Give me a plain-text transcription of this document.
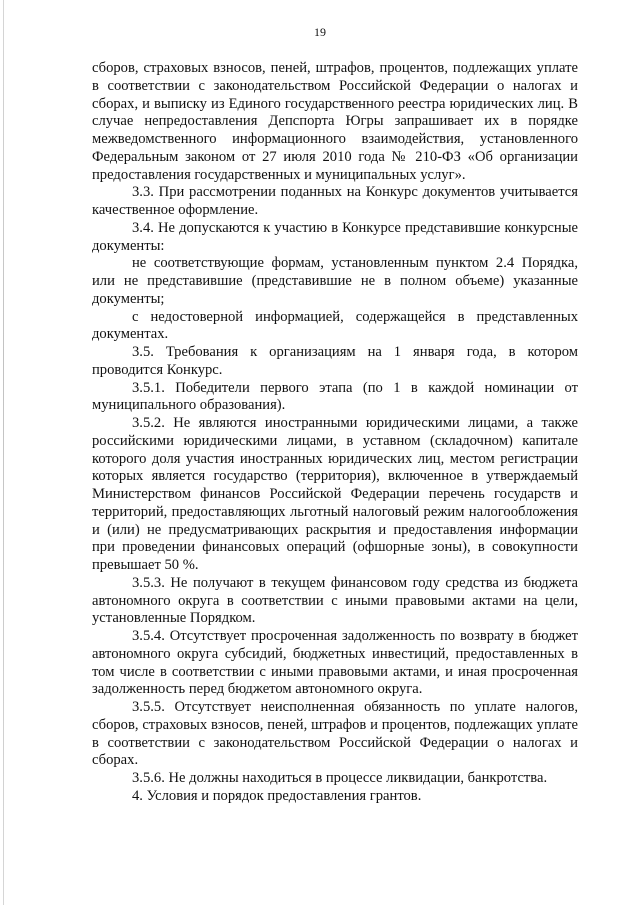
19

сборов, страховых взносов, пеней, штрафов, процентов, подлежащих уплате в соответствии с законодательством Российской Федерации о налогах и сборах, и выписку из Единого государственного реестра юридических лиц. В случае непредоставления Депспорта Югры запрашивает их в порядке межведомственного информационного взаимодействия, установленного Федеральным законом от 27 июля 2010 года № 210-ФЗ «Об организации предоставления государственных и муниципальных услуг».

3.3. При рассмотрении поданных на Конкурс документов учитывается качественное оформление.

3.4. Не допускаются к участию в Конкурсе представившие конкурсные документы:

не соответствующие формам, установленным пунктом 2.4 Порядка, или не представившие (представившие не в полном объеме) указанные документы;

с недостоверной информацией, содержащейся в представленных документах.

3.5. Требования к организациям на 1 января года, в котором проводится Конкурс.

3.5.1. Победители первого этапа (по 1 в каждой номинации от муниципального образования).

3.5.2. Не являются иностранными юридическими лицами, а также российскими юридическими лицами, в уставном (складочном) капитале которого доля участия иностранных юридических лиц, местом регистрации которых является государство (территория), включенное в утверждаемый Министерством финансов Российской Федерации перечень государств и территорий, предоставляющих льготный налоговый режим налогообложения и (или) не предусматривающих раскрытия и предоставления информации при проведении финансовых операций (офшорные зоны), в совокупности превышает 50 %.

3.5.3. Не получают в текущем финансовом году средства из бюджета автономного округа в соответствии с иными правовыми актами на цели, установленные Порядком.

3.5.4. Отсутствует просроченная задолженность по возврату в бюджет автономного округа субсидий, бюджетных инвестиций, предоставленных в том числе в соответствии с иными правовыми актами, и иная просроченная задолженность перед бюджетом автономного округа.

3.5.5. Отсутствует неисполненная обязанность по уплате налогов, сборов, страховых взносов, пеней, штрафов и процентов, подлежащих уплате в соответствии с законодательством Российской Федерации о налогах и сборах.

3.5.6. Не должны находиться в процессе ликвидации, банкротства.

4. Условия и порядок предоставления грантов.
